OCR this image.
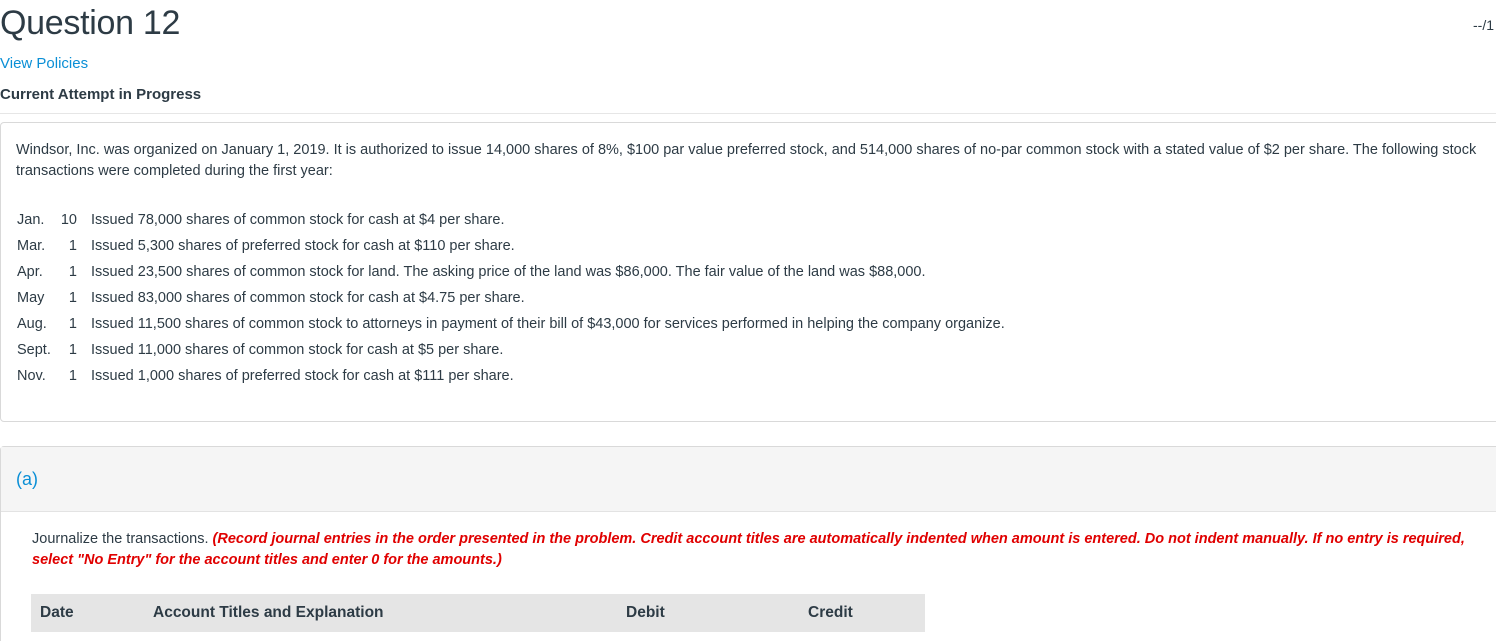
Question 12	--/1
View Policies
Current Attempt in Progress
Windsor, Inc. was organized on January 1, 2019. It is authorized to issue 14,000 shares of 8%, $100 par value preferred stock, and 514,000 shares of no-par common stock with a stated value of $2 per share. The following stock transactions were completed during the first year:
Jan.	10	Issued 78,000 shares of common stock for cash at $4 per share.
Mar.	1	Issued 5,300 shares of preferred stock for cash at $110 per share.
Apr.	1	Issued 23,500 shares of common stock for land. The asking price of the land was $86,000. The fair value of the land was $88,000.
May	1	Issued 83,000 shares of common stock for cash at $4.75 per share.
Aug.	1	Issued 11,500 shares of common stock to attorneys in payment of their bill of $43,000 for services performed in helping the company organize.
Sept.	1	Issued 11,000 shares of common stock for cash at $5 per share.
Nov.	1	Issued 1,000 shares of preferred stock for cash at $111 per share.
(a)
Journalize the transactions. (Record journal entries in the order presented in the problem. Credit account titles are automatically indented when amount is entered. Do not indent manually. If no entry is required, select "No Entry" for the account titles and enter 0 for the amounts.)
Date	Account Titles and Explanation	Debit	Credit
